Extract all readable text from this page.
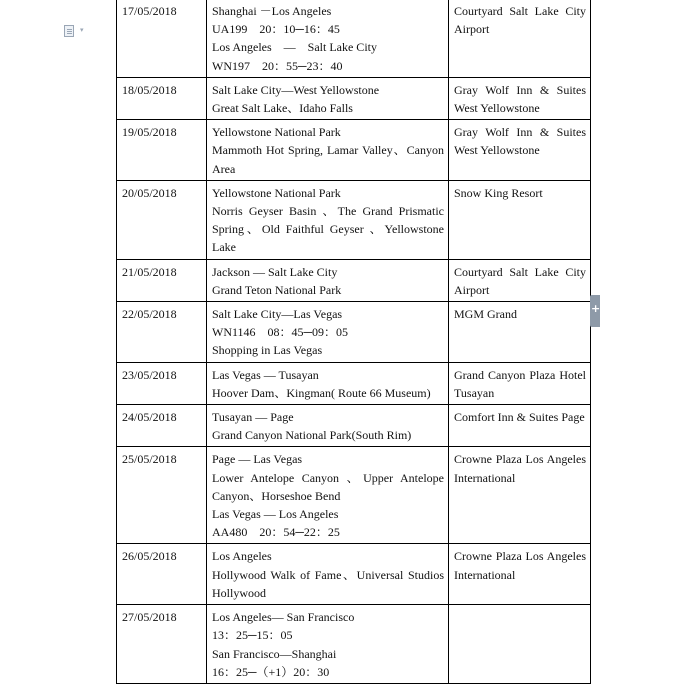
▾
17/05/2018	Shanghai －Los Angeles
UA199　20：10─16：45
Los Angeles　—　Salt Lake City
WN197　20：55─23：40	Courtyard Salt Lake City Airport
18/05/2018	Salt Lake City—West Yellowstone
Great Salt Lake、Idaho Falls	Gray Wolf Inn & Suites West Yellowstone
19/05/2018	Yellowstone National Park
Mammoth Hot Spring, Lamar Valley、Canyon Area	Gray Wolf Inn & Suites West Yellowstone
20/05/2018	Yellowstone National Park
Norris Geyser Basin 、The Grand Prismatic Spring、Old Faithful Geyser 、Yellowstone Lake	Snow King Resort
21/05/2018	Jackson — Salt Lake City
Grand Teton National Park	Courtyard Salt Lake City Airport
22/05/2018	Salt Lake City—Las Vegas
WN1146　08：45─09：05
Shopping in Las Vegas	MGM Grand
23/05/2018	Las Vegas — Tusayan
Hoover Dam、Kingman( Route 66 Museum)	Grand Canyon Plaza Hotel Tusayan
24/05/2018	Tusayan — Page
Grand Canyon National Park(South Rim)	Comfort Inn & Suites Page
25/05/2018	Page — Las Vegas
Lower Antelope Canyon 、Upper Antelope Canyon、Horseshoe Bend
Las Vegas — Los Angeles
AA480　20：54─22：25	Crowne Plaza Los Angeles International
26/05/2018	Los Angeles
Hollywood Walk of Fame、Universal Studios Hollywood	Crowne Plaza Los Angeles International
27/05/2018	Los Angeles— San Francisco
13：25─15：05
San Francisco—Shanghai
16：25─（+1）20：30	

+
